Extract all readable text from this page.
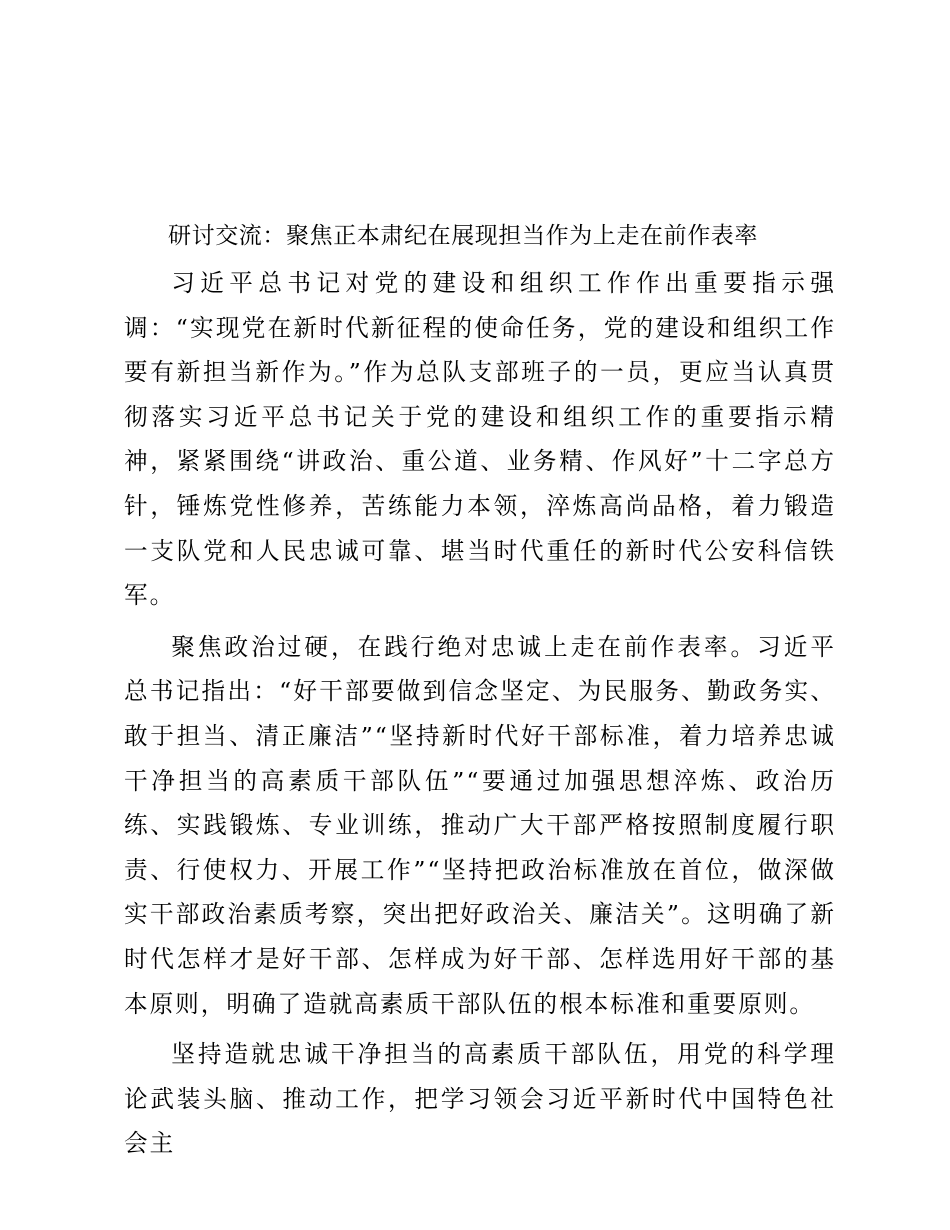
研讨交流：聚焦正本肃纪在展现担当作为上走在前作表率

习近平总书记对党的建设和组织工作作出重要指示强调：“实现党在新时代新征程的使命任务，党的建设和组织工作要有新担当新作为。”作为总队支部班子的一员，更应当认真贯彻落实习近平总书记关于党的建设和组织工作的重要指示精神，紧紧围绕“讲政治、重公道、业务精、作风好”十二字总方针，锤炼党性修养，苦练能力本领，淬炼高尚品格，着力锻造一支队党和人民忠诚可靠、堪当时代重任的新时代公安科信铁军。

聚焦政治过硬，在践行绝对忠诚上走在前作表率。习近平总书记指出：“好干部要做到信念坚定、为民服务、勤政务实、敢于担当、清正廉洁”“坚持新时代好干部标准，着力培养忠诚干净担当的高素质干部队伍”“要通过加强思想淬炼、政治历练、实践锻炼、专业训练，推动广大干部严格按照制度履行职责、行使权力、开展工作”“坚持把政治标准放在首位，做深做实干部政治素质考察，突出把好政治关、廉洁关”。这明确了新时代怎样才是好干部、怎样成为好干部、怎样选用好干部的基本原则，明确了造就高素质干部队伍的根本标准和重要原则。

坚持造就忠诚干净担当的高素质干部队伍，用党的科学理论武装头脑、推动工作，把学习领会习近平新时代中国特色社会主
